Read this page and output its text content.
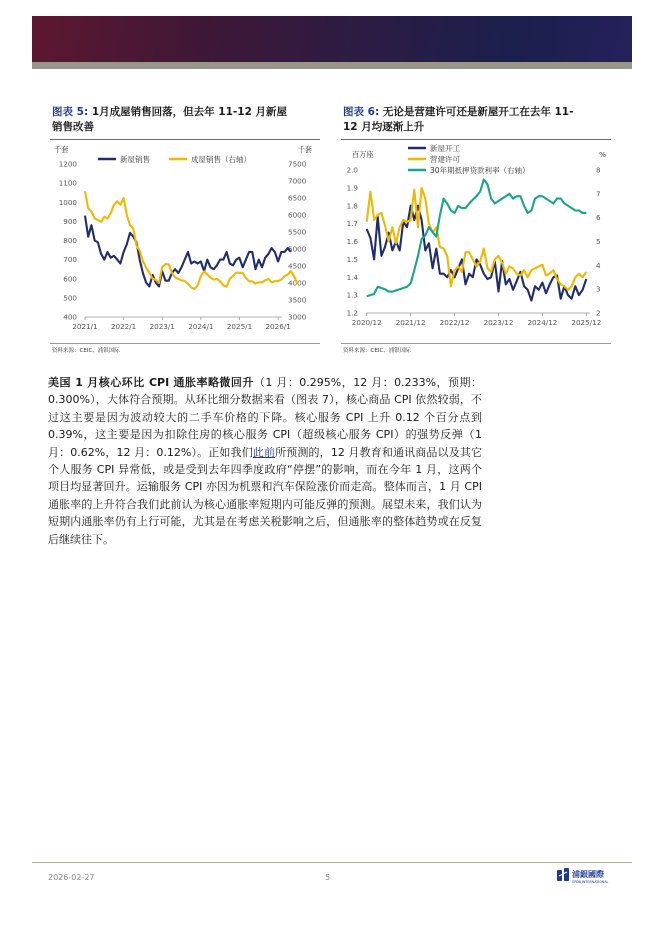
图表 5: 1月成屋销售回落，但去年 11-12 月新屋
销售改善
千套	千套
1200
1100
1000
900
800
700
600
500
400
7500
7000
6500
6000
5500
5000
4500
4000
3500
3000
2021/1 2022/1 2023/1 2024/1 2025/1 2026/1
新屋销售	成屋销售（右轴）
资料来源：CEIC、浦银国际
图表 6: 无论是营建许可还是新屋开工在去年 11-
12 月均逐渐上升
百万座	%
2.0
1.9
1.8
1.7
1.6
1.5
1.4
1.3
1.2
8
7
6
5
4
3
2
2020/12 2021/12 2022/12 2023/12 2024/12 2025/12
新屋开工
营建许可
30年期抵押贷款利率（右轴）
资料来源：CEIC、浦银国际
美国 1 月核心环比 CPI 通胀率略微回升（1 月：0.295%，12 月：0.233%，预期：0.300%），大体符合预期。从环比细分数据来看（图表 7），核心商品 CPI 依然较弱，不过这主要是因为波动较大的二手车价格的下降。核心服务 CPI 上升 0.12 个百分点到 0.39%，这主要是因为扣除住房的核心服务 CPI（超级核心服务 CPI）的强势反弹（1 月：0.62%，12 月：0.12%）。正如我们此前所预测的，12 月教育和通讯商品以及其它个人服务 CPI 异常低，或是受到去年四季度政府“停摆”的影响，而在今年 1 月，这两个项目均显著回升。运输服务 CPI 亦因为机票和汽车保险涨价而走高。整体而言，1 月 CPI 通胀率的上升符合我们此前认为核心通胀率短期内可能反弹的预测。展望未来，我们认为短期内通胀率仍有上行可能，尤其是在考虑关税影响之后，但通胀率的整体趋势或在反复后继续往下。
2026-02-27	5	浦銀國際
SPDB INTERNATIONAL
